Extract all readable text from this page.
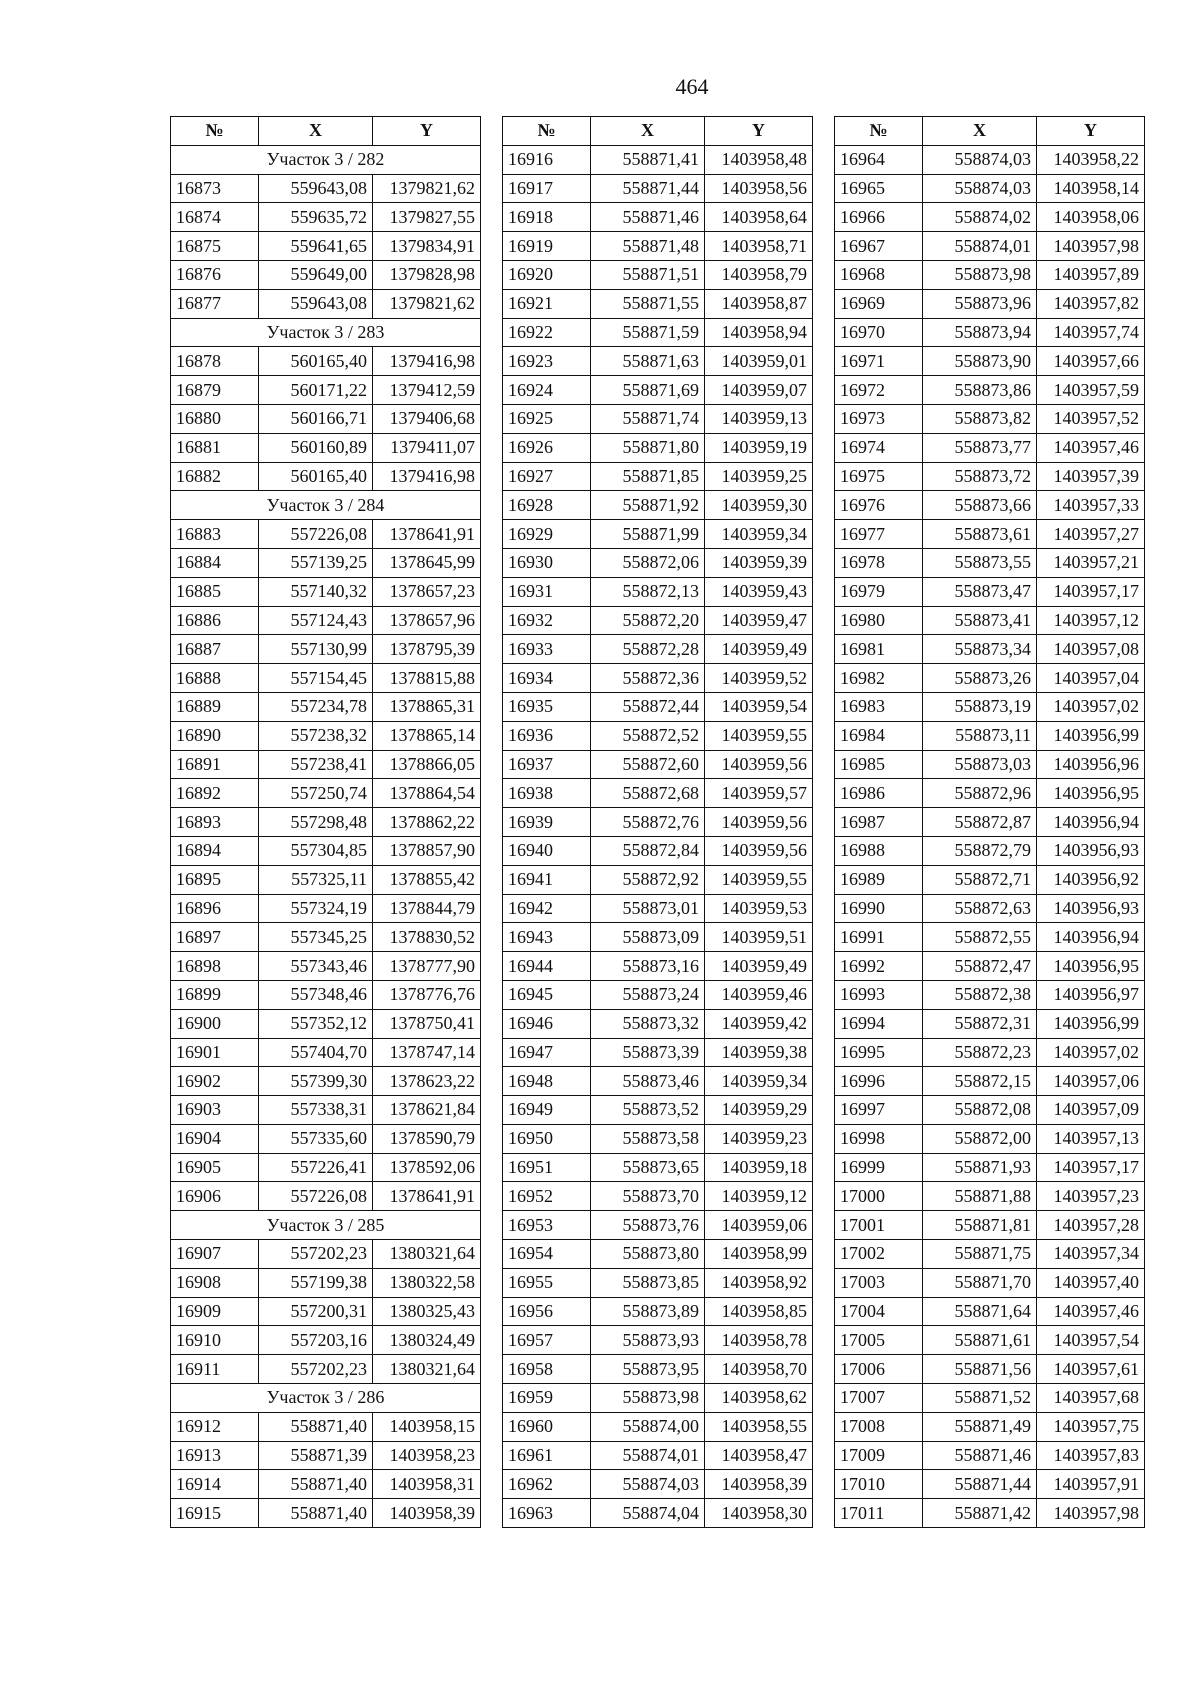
464
№	X	Y
Участок 3 / 282		
16873	559643,08	1379821,62
16874	559635,72	1379827,55
16875	559641,65	1379834,91
16876	559649,00	1379828,98
16877	559643,08	1379821,62
Участок 3 / 283		
16878	560165,40	1379416,98
16879	560171,22	1379412,59
16880	560166,71	1379406,68
16881	560160,89	1379411,07
16882	560165,40	1379416,98
Участок 3 / 284		
16883	557226,08	1378641,91
16884	557139,25	1378645,99
16885	557140,32	1378657,23
16886	557124,43	1378657,96
16887	557130,99	1378795,39
16888	557154,45	1378815,88
16889	557234,78	1378865,31
16890	557238,32	1378865,14
16891	557238,41	1378866,05
16892	557250,74	1378864,54
16893	557298,48	1378862,22
16894	557304,85	1378857,90
16895	557325,11	1378855,42
16896	557324,19	1378844,79
16897	557345,25	1378830,52
16898	557343,46	1378777,90
16899	557348,46	1378776,76
16900	557352,12	1378750,41
16901	557404,70	1378747,14
16902	557399,30	1378623,22
16903	557338,31	1378621,84
16904	557335,60	1378590,79
16905	557226,41	1378592,06
16906	557226,08	1378641,91
Участок 3 / 285		
16907	557202,23	1380321,64
16908	557199,38	1380322,58
16909	557200,31	1380325,43
16910	557203,16	1380324,49
16911	557202,23	1380321,64
Участок 3 / 286		
16912	558871,40	1403958,15
16913	558871,39	1403958,23
16914	558871,40	1403958,31
16915	558871,40	1403958,39
№	X	Y
16916	558871,41	1403958,48
16917	558871,44	1403958,56
16918	558871,46	1403958,64
16919	558871,48	1403958,71
16920	558871,51	1403958,79
16921	558871,55	1403958,87
16922	558871,59	1403958,94
16923	558871,63	1403959,01
16924	558871,69	1403959,07
16925	558871,74	1403959,13
16926	558871,80	1403959,19
16927	558871,85	1403959,25
16928	558871,92	1403959,30
16929	558871,99	1403959,34
16930	558872,06	1403959,39
16931	558872,13	1403959,43
16932	558872,20	1403959,47
16933	558872,28	1403959,49
16934	558872,36	1403959,52
16935	558872,44	1403959,54
16936	558872,52	1403959,55
16937	558872,60	1403959,56
16938	558872,68	1403959,57
16939	558872,76	1403959,56
16940	558872,84	1403959,56
16941	558872,92	1403959,55
16942	558873,01	1403959,53
16943	558873,09	1403959,51
16944	558873,16	1403959,49
16945	558873,24	1403959,46
16946	558873,32	1403959,42
16947	558873,39	1403959,38
16948	558873,46	1403959,34
16949	558873,52	1403959,29
16950	558873,58	1403959,23
16951	558873,65	1403959,18
16952	558873,70	1403959,12
16953	558873,76	1403959,06
16954	558873,80	1403958,99
16955	558873,85	1403958,92
16956	558873,89	1403958,85
16957	558873,93	1403958,78
16958	558873,95	1403958,70
16959	558873,98	1403958,62
16960	558874,00	1403958,55
16961	558874,01	1403958,47
16962	558874,03	1403958,39
16963	558874,04	1403958,30
№	X	Y
16964	558874,03	1403958,22
16965	558874,03	1403958,14
16966	558874,02	1403958,06
16967	558874,01	1403957,98
16968	558873,98	1403957,89
16969	558873,96	1403957,82
16970	558873,94	1403957,74
16971	558873,90	1403957,66
16972	558873,86	1403957,59
16973	558873,82	1403957,52
16974	558873,77	1403957,46
16975	558873,72	1403957,39
16976	558873,66	1403957,33
16977	558873,61	1403957,27
16978	558873,55	1403957,21
16979	558873,47	1403957,17
16980	558873,41	1403957,12
16981	558873,34	1403957,08
16982	558873,26	1403957,04
16983	558873,19	1403957,02
16984	558873,11	1403956,99
16985	558873,03	1403956,96
16986	558872,96	1403956,95
16987	558872,87	1403956,94
16988	558872,79	1403956,93
16989	558872,71	1403956,92
16990	558872,63	1403956,93
16991	558872,55	1403956,94
16992	558872,47	1403956,95
16993	558872,38	1403956,97
16994	558872,31	1403956,99
16995	558872,23	1403957,02
16996	558872,15	1403957,06
16997	558872,08	1403957,09
16998	558872,00	1403957,13
16999	558871,93	1403957,17
17000	558871,88	1403957,23
17001	558871,81	1403957,28
17002	558871,75	1403957,34
17003	558871,70	1403957,40
17004	558871,64	1403957,46
17005	558871,61	1403957,54
17006	558871,56	1403957,61
17007	558871,52	1403957,68
17008	558871,49	1403957,75
17009	558871,46	1403957,83
17010	558871,44	1403957,91
17011	558871,42	1403957,98
